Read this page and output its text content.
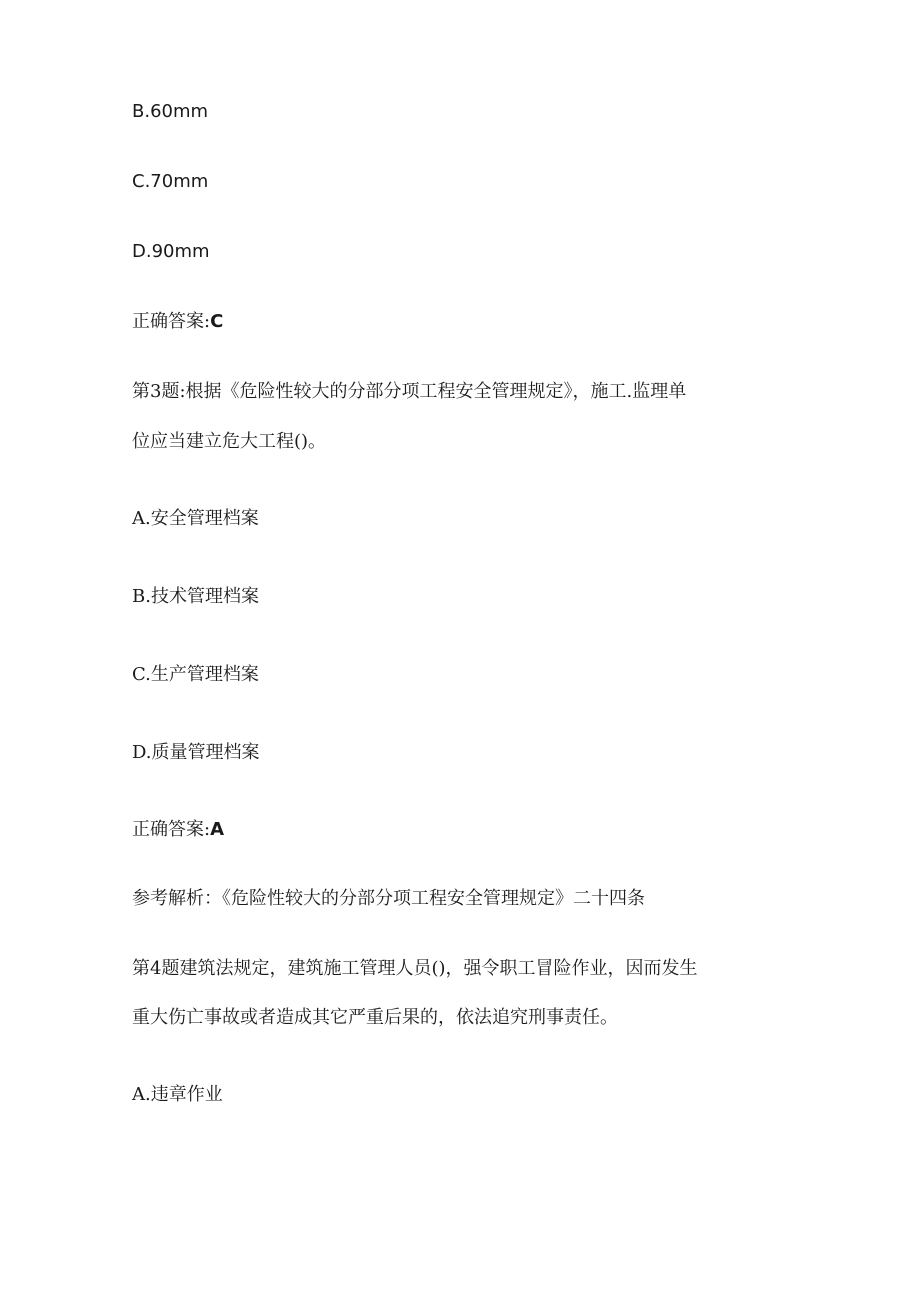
B.60mm

C.70mm

D.90mm

正确答案:C

第3题:根据《危险性较大的分部分项工程安全管理规定》，施工.监理单

位应当建立危大工程()。

A.安全管理档案

B.技术管理档案

C.生产管理档案

D.质量管理档案

正确答案:A

参考解析：《危险性较大的分部分项工程安全管理规定》二十四条

第4题建筑法规定，建筑施工管理人员()，强令职工冒险作业，因而发生

重大伤亡事故或者造成其它严重后果的，依法追究刑事责任。

A.违章作业
